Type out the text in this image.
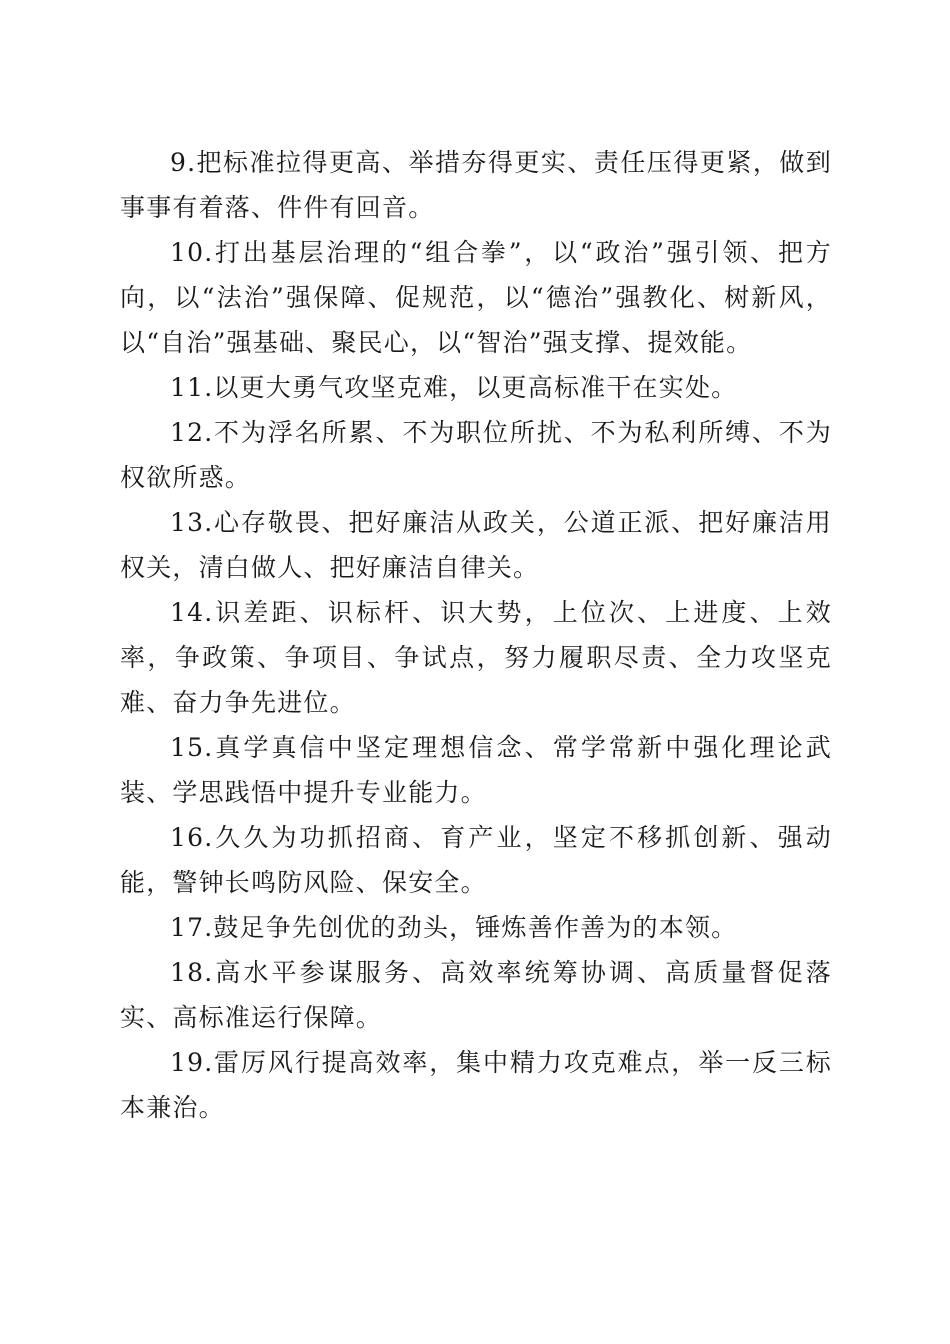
9.把标准拉得更高、举措夯得更实、责任压得更紧，做到事事有着落、件件有回音。

10.打出基层治理的“组合拳”，以“政治”强引领、把方向，以“法治”强保障、促规范，以“德治”强教化、树新风，以“自治”强基础、聚民心，以“智治”强支撑、提效能。

11.以更大勇气攻坚克难，以更高标准干在实处。

12.不为浮名所累、不为职位所扰、不为私利所缚、不为权欲所惑。

13.心存敬畏、把好廉洁从政关，公道正派、把好廉洁用权关，清白做人、把好廉洁自律关。

14.识差距、识标杆、识大势，上位次、上进度、上效率，争政策、争项目、争试点，努力履职尽责、全力攻坚克难、奋力争先进位。

15.真学真信中坚定理想信念、常学常新中强化理论武装、学思践悟中提升专业能力。

16.久久为功抓招商、育产业，坚定不移抓创新、强动能，警钟长鸣防风险、保安全。

17.鼓足争先创优的劲头，锤炼善作善为的本领。

18.高水平参谋服务、高效率统筹协调、高质量督促落实、高标准运行保障。

19.雷厉风行提高效率，集中精力攻克难点，举一反三标本兼治。
